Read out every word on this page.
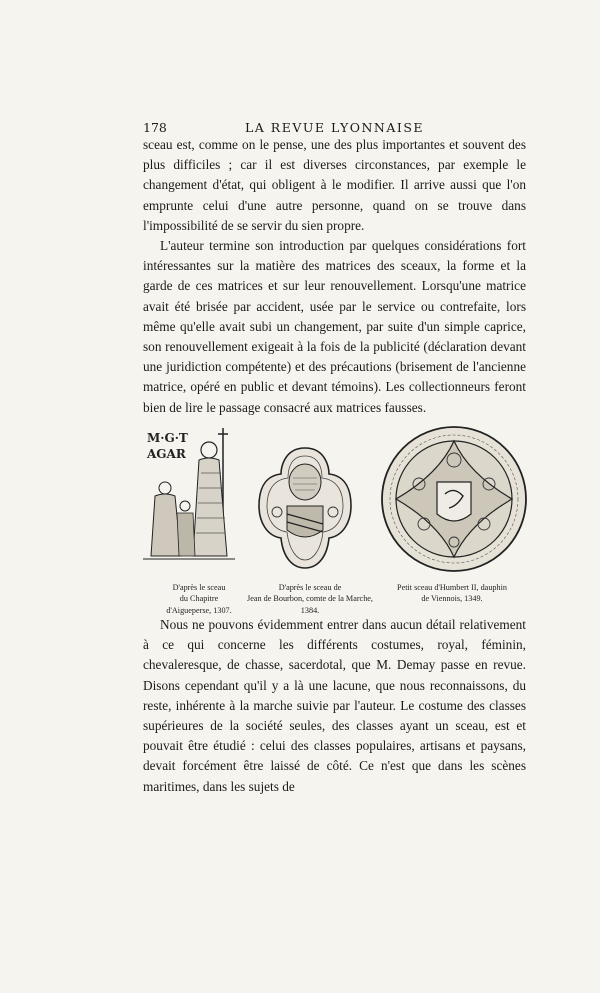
178	LA REVUE LYONNAISE

sceau est, comme on le pense, une des plus importantes et souvent des plus difficiles ; car il est diverses circonstances, par exemple le changement d'état, qui obligent à le modifier. Il arrive aussi que l'on emprunte celui d'une autre personne, quand on se trouve dans l'impossibilité de se servir du sien propre.

L'auteur termine son introduction par quelques considérations fort intéressantes sur la matière des matrices des sceaux, la forme et la garde de ces matrices et sur leur renouvellement. Lorsqu'une matrice avait été brisée par accident, usée par le service ou contrefaite, lors même qu'elle avait subi un changement, par suite d'un simple caprice, son renouvellement exigeait à la fois de la publicité (déclaration devant une juridiction compétente) et des précautions (brisement de l'ancienne matrice, opéré en public et devant témoins). Les collectionneurs feront bien de lire le passage consacré aux matrices fausses.

M·G·T
AGAR
D'après le sceau
du Chapitre
d'Aigueperse, 1307.
D'après le sceau de
Jean de Bourbon, comte de la Marche,
1384.
Petit sceau d'Humbert II, dauphin
de Viennois, 1349.

Nous ne pouvons évidemment entrer dans aucun détail relativement à ce qui concerne les différents costumes, royal, féminin, chevaleresque, de chasse, sacerdotal, que M. Demay passe en revue. Disons cependant qu'il y a là une lacune, que nous reconnaissons, du reste, inhérente à la marche suivie par l'auteur. Le costume des classes supérieures de la société seules, des classes ayant un sceau, est et pouvait être étudié : celui des classes populaires, artisans et paysans, devait forcément être laissé de côté. Ce n'est que dans les scènes maritimes, dans les sujets de
